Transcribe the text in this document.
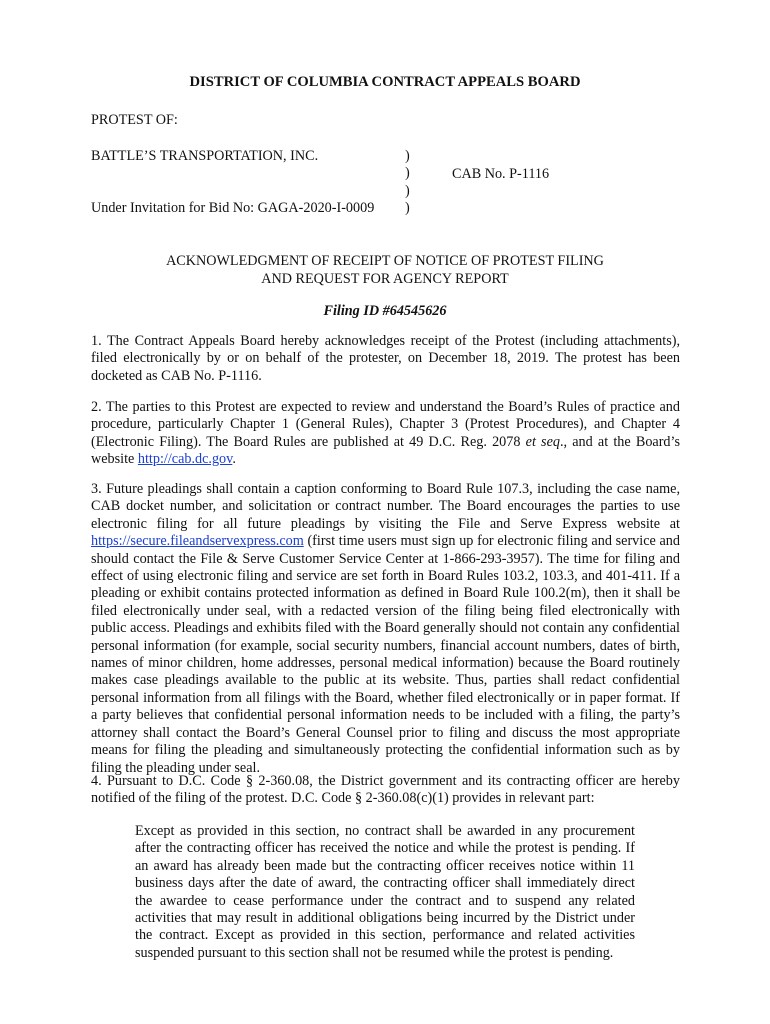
DISTRICT OF COLUMBIA CONTRACT APPEALS BOARD
PROTEST OF:
BATTLE’S TRANSPORTATION, INC.
Under Invitation for Bid No: GAGA-2020-I-0009
)
)
)
)
CAB No. P-1116
ACKNOWLEDGMENT OF RECEIPT OF NOTICE OF PROTEST FILING
AND REQUEST FOR AGENCY REPORT
Filing ID #64545626

1. The Contract Appeals Board hereby acknowledges receipt of the Protest (including attachments), filed electronically by or on behalf of the protester, on December 18, 2019. The protest has been docketed as CAB No. P-1116.

2. The parties to this Protest are expected to review and understand the Board’s Rules of practice and procedure, particularly Chapter 1 (General Rules), Chapter 3 (Protest Procedures), and Chapter 4 (Electronic Filing). The Board Rules are published at 49 D.C. Reg. 2078 et seq., and at the Board’s website http://cab.dc.gov.

3. Future pleadings shall contain a caption conforming to Board Rule 107.3, including the case name, CAB docket number, and solicitation or contract number. The Board encourages the parties to use electronic filing for all future pleadings by visiting the File and Serve Express website at https://secure.fileandservexpress.com (first time users must sign up for electronic filing and service and should contact the File & Serve Customer Service Center at 1-866-293-3957). The time for filing and effect of using electronic filing and service are set forth in Board Rules 103.2, 103.3, and 401-411. If a pleading or exhibit contains protected information as defined in Board Rule 100.2(m), then it shall be filed electronically under seal, with a redacted version of the filing being filed electronically with public access. Pleadings and exhibits filed with the Board generally should not contain any confidential personal information (for example, social security numbers, financial account numbers, dates of birth, names of minor children, home addresses, personal medical information) because the Board routinely makes case pleadings available to the public at its website. Thus, parties shall redact confidential personal information from all filings with the Board, whether filed electronically or in paper format. If a party believes that confidential personal information needs to be included with a filing, the party’s attorney shall contact the Board’s General Counsel prior to filing and discuss the most appropriate means for filing the pleading and simultaneously protecting the confidential information such as by filing the pleading under seal.

4. Pursuant to D.C. Code § 2-360.08, the District government and its contracting officer are hereby notified of the filing of the protest. D.C. Code § 2-360.08(c)(1) provides in relevant part:

Except as provided in this section, no contract shall be awarded in any procurement after the contracting officer has received the notice and while the protest is pending. If an award has already been made but the contracting officer receives notice within 11 business days after the date of award, the contracting officer shall immediately direct the awardee to cease performance under the contract and to suspend any related activities that may result in additional obligations being incurred by the District under the contract. Except as provided in this section, performance and related activities suspended pursuant to this section shall not be resumed while the protest is pending.
